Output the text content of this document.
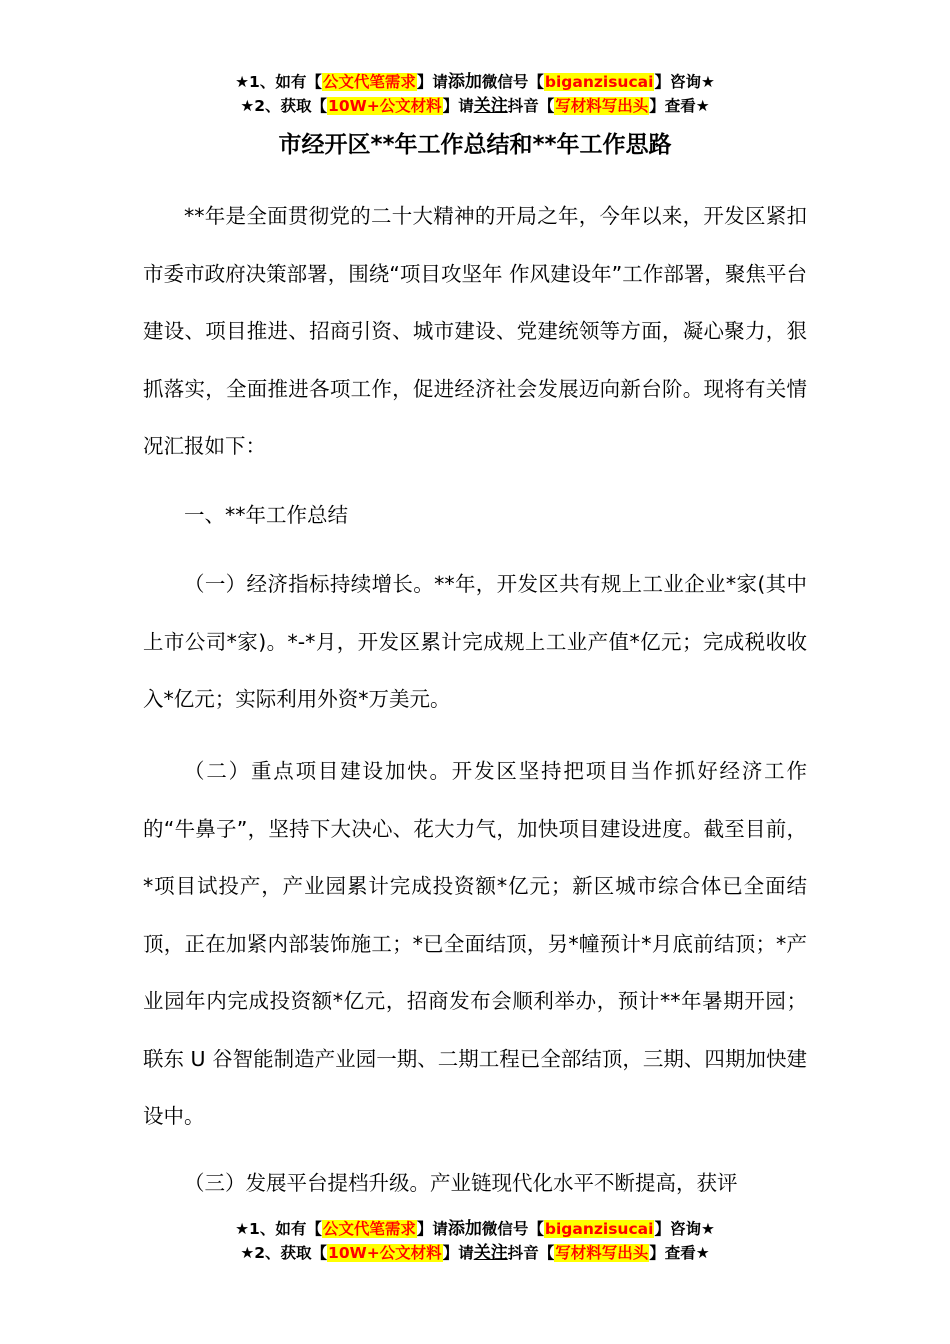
★1、如有【公文代笔需求】请添加微信号【biganzisucai】咨询★
★2、获取【10W+公文材料】请关注抖音【写材料写出头】查看★
市经开区**年工作总结和**年工作思路
**年是全面贯彻党的二十大精神的开局之年，今年以来，开发区紧扣市委市政府决策部署，围绕“项目攻坚年 作风建设年”工作部署，聚焦平台建设、项目推进、招商引资、城市建设、党建统领等方面，凝心聚力，狠抓落实，全面推进各项工作，促进经济社会发展迈向新台阶。现将有关情况汇报如下：
一、**年工作总结
（一）经济指标持续增长。**年，开发区共有规上工业企业*家(其中上市公司*家)。*-*月，开发区累计完成规上工业产值*亿元；完成税收收入*亿元；实际利用外资*万美元。
（二）重点项目建设加快。开发区坚持把项目当作抓好经济工作的“牛鼻子”，坚持下大决心、花大力气，加快项目建设进度。截至目前，*项目试投产，产业园累计完成投资额*亿元；新区城市综合体已全面结顶，正在加紧内部装饰施工；*已全面结顶，另*幢预计*月底前结顶；*产业园年内完成投资额*亿元，招商发布会顺利举办，预计**年暑期开园；联东 U 谷智能制造产业园一期、二期工程已全部结顶，三期、四期加快建设中。
（三）发展平台提档升级。产业链现代化水平不断提高，获评
★1、如有【公文代笔需求】请添加微信号【biganzisucai】咨询★
★2、获取【10W+公文材料】请关注抖音【写材料写出头】查看★
